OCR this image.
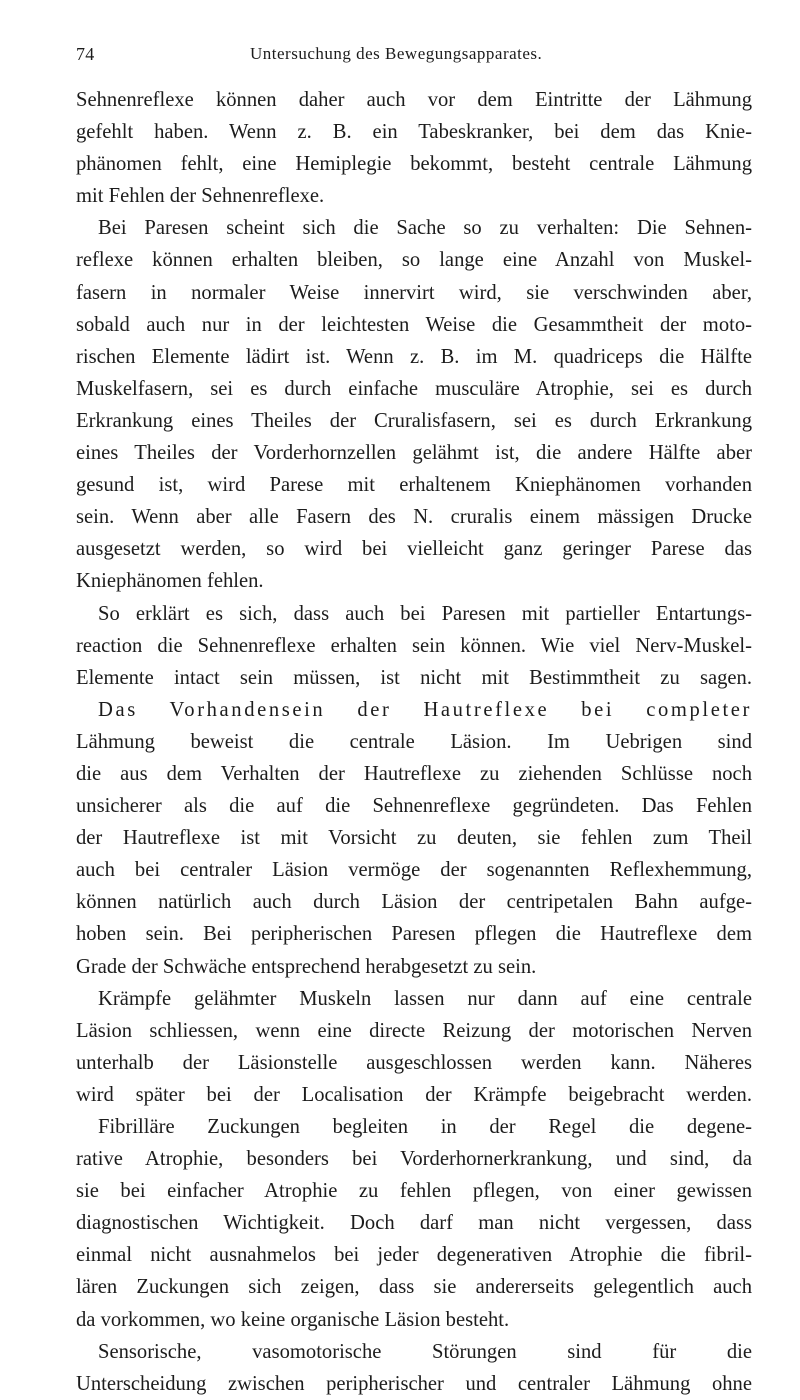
74	Untersuchung des Bewegungsapparates.
Sehnenreflexe können daher auch vor dem Eintritte der Lähmung
gefehlt haben. Wenn z. B. ein Tabeskranker, bei dem das Knie-
phänomen fehlt, eine Hemiplegie bekommt, besteht centrale Lähmung
mit Fehlen der Sehnenreflexe.
Bei Paresen scheint sich die Sache so zu verhalten: Die Sehnen-
reflexe können erhalten bleiben, so lange eine Anzahl von Muskel-
fasern in normaler Weise innervirt wird, sie verschwinden aber,
sobald auch nur in der leichtesten Weise die Gesammtheit der moto-
rischen Elemente lädirt ist. Wenn z. B. im M. quadriceps die Hälfte
Muskelfasern, sei es durch einfache musculäre Atrophie, sei es durch
Erkrankung eines Theiles der Cruralisfasern, sei es durch Erkrankung
eines Theiles der Vorderhornzellen gelähmt ist, die andere Hälfte aber
gesund ist, wird Parese mit erhaltenem Kniephänomen vorhanden
sein. Wenn aber alle Fasern des N. cruralis einem mässigen Drucke
ausgesetzt werden, so wird bei vielleicht ganz geringer Parese das
Kniephänomen fehlen.
So erklärt es sich, dass auch bei Paresen mit partieller Entartungs-
reaction die Sehnenreflexe erhalten sein können. Wie viel Nerv-Muskel-
Elemente intact sein müssen, ist nicht mit Bestimmtheit zu sagen.
Das Vorhandensein der Hautreflexe bei completer
Lähmung beweist die centrale Läsion. Im Uebrigen sind
die aus dem Verhalten der Hautreflexe zu ziehenden Schlüsse noch
unsicherer als die auf die Sehnenreflexe gegründeten. Das Fehlen
der Hautreflexe ist mit Vorsicht zu deuten, sie fehlen zum Theil
auch bei centraler Läsion vermöge der sogenannten Reflexhemmung,
können natürlich auch durch Läsion der centripetalen Bahn aufge-
hoben sein. Bei peripherischen Paresen pflegen die Hautreflexe dem
Grade der Schwäche entsprechend herabgesetzt zu sein.
Krämpfe gelähmter Muskeln lassen nur dann auf eine centrale
Läsion schliessen, wenn eine directe Reizung der motorischen Nerven
unterhalb der Läsionstelle ausgeschlossen werden kann. Näheres
wird später bei der Localisation der Krämpfe beigebracht werden.
Fibrilläre Zuckungen begleiten in der Regel die degene-
rative Atrophie, besonders bei Vorderhornerkrankung, und sind, da
sie bei einfacher Atrophie zu fehlen pflegen, von einer gewissen
diagnostischen Wichtigkeit. Doch darf man nicht vergessen, dass
einmal nicht ausnahmelos bei jeder degenerativen Atrophie die fibril-
lären Zuckungen sich zeigen, dass sie andererseits gelegentlich auch
da vorkommen, wo keine organische Läsion besteht.
Sensorische, vasomotorische Störungen sind für die
Unterscheidung zwischen peripherischer und centraler Lähmung ohne
